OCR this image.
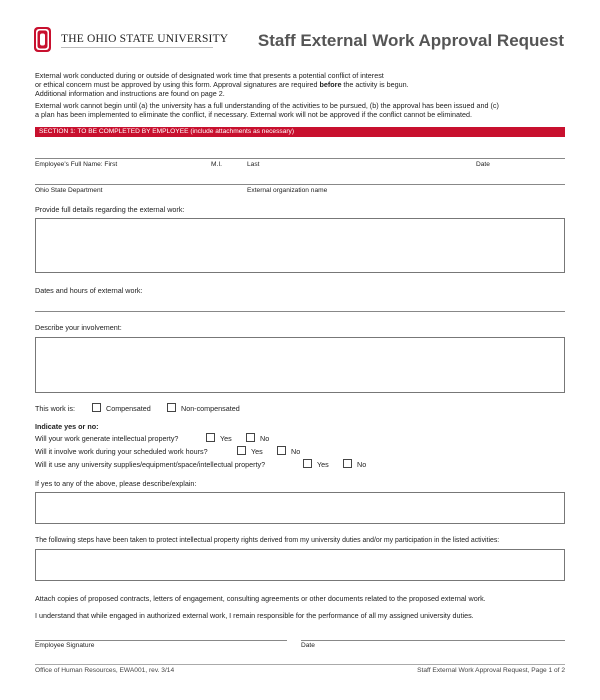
THE OHIO STATE UNIVERSITY Staff External Work Approval Request
External work conducted during or outside of designated work time that presents a potential conflict of interest
or ethical concern must be approved by using this form. Approval signatures are required before the activity is begun.
Additional information and instructions are found on page 2.
External work cannot begin until (a) the university has a full understanding of the activities to be pursued, (b) the approval has been issued and (c)
a plan has been implemented to eliminate the conflict, if necessary. External work will not be approved if the conflict cannot be eliminated.
SECTION 1: TO BE COMPLETED BY EMPLOYEE (include attachments as necessary)
Employee's Full Name: First	M.I.	Last	Date
Ohio State Department	External organization name
Provide full details regarding the external work:
Dates and hours of external work:
Describe your involvement:
This work is:	Compensated	Non-compensated
Indicate yes or no:
Will your work generate intellectual property?	Yes	No
Will it involve work during your scheduled work hours?	Yes	No
Will it use any university supplies/equipment/space/intellectual property?	Yes	No
If yes to any of the above, please describe/explain:
The following steps have been taken to protect intellectual property rights derived from my university duties and/or my participation in the listed activities:
Attach copies of proposed contracts, letters of engagement, consulting agreements or other documents related to the proposed external work.
I understand that while engaged in authorized external work, I remain responsible for the performance of all my assigned university duties.
Employee Signature	Date
Office of Human Resources, EWA001, rev. 3/14	Staff External Work Approval Request, Page 1 of 2
